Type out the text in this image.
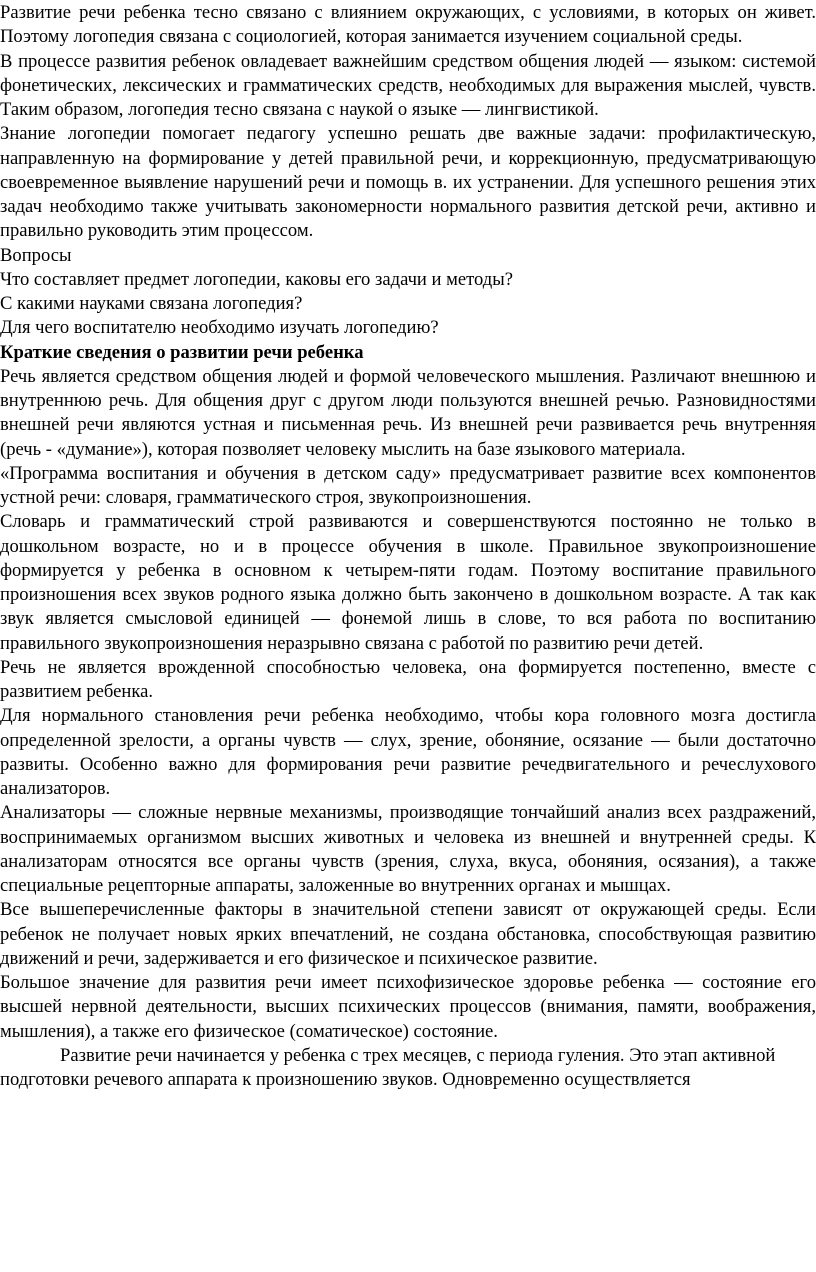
Развитие речи ребенка тесно связано с влиянием окружающих, с условиями, в которых он живет. Поэтому логопедия связана с социологией, которая занимается изучением социальной среды.

В процессе развития ребенок овладевает важнейшим средством общения людей — языком: системой фонетических, лексических и грамматических средств, необходимых для выражения мыслей, чувств. Таким образом, логопедия тесно связана с наукой о языке — лингвистикой.

Знание логопедии помогает педагогу успешно решать две важные задачи: профилактическую, направленную на формирование у детей правильной речи, и коррекционную, предусматривающую своевременное выявление нарушений речи и помощь в. их устранении. Для успешного решения этих задач необходимо также учитывать закономерности нормального развития детской речи, активно и правильно руководить этим процессом.

Вопросы

Что составляет предмет логопедии, каковы его задачи и методы?

С какими науками связана логопедия?

Для чего воспитателю необходимо изучать логопедию?

Краткие сведения о развитии речи ребенка

Речь является средством общения людей и формой человеческого мышления. Различают внешнюю и внутреннюю речь. Для общения друг с другом люди пользуются внешней речью. Разновидностями внешней речи являются устная и письменная речь. Из внешней речи развивается речь внутренняя (речь - «думание»), которая позволяет человеку мыслить на базе языкового материала.

«Программа воспитания и обучения в детском саду» предусматривает развитие всех компонентов устной речи: словаря, грамматического строя, звукопроизношения.

Словарь и грамматический строй развиваются и совершенствуются постоянно не только в дошкольном возрасте, но и в процессе обучения в школе. Правильное звукопроизношение формируется у ребенка в основном к четырем-пяти годам. Поэтому воспитание правильного произношения всех звуков родного языка должно быть закончено в дошкольном возрасте. А так как звук является смысловой единицей — фонемой лишь в слове, то вся работа по воспитанию правильного звукопроизношения неразрывно связана с работой по развитию речи детей.

Речь не является врожденной способностью человека, она формируется постепенно, вместе с развитием ребенка.

Для нормального становления речи ребенка необходимо, чтобы кора головного мозга достигла определенной зрелости, а органы чувств — слух, зрение, обоняние, осязание — были достаточно развиты. Особенно важно для формирования речи развитие речедвигательного и речеслухового анализаторов.

Анализаторы — сложные нервные механизмы, производящие тончайший анализ всех раздражений, воспринимаемых организмом высших животных и человека из внешней и внутренней среды. К анализаторам относятся все органы чувств (зрения, слуха, вкуса, обоняния, осязания), а также специальные рецепторные аппараты, заложенные во внутренних органах и мышцах.

Все вышеперечисленные факторы в значительной степени зависят от окружающей среды. Если ребенок не получает новых ярких впечатлений, не создана обстановка, способствующая развитию движений и речи, задерживается и его физическое и психическое развитие.

Большое значение для развития речи имеет психофизическое здоровье ребенка — состояние его высшей нервной деятельности, высших психических процессов (внимания, памяти, воображения, мышления), а также его физическое (соматическое) состояние.

Развитие речи начинается у ребенка с трех месяцев, с периода гуления. Это этап активной подготовки речевого аппарата к произношению звуков. Одновременно осуществляется
